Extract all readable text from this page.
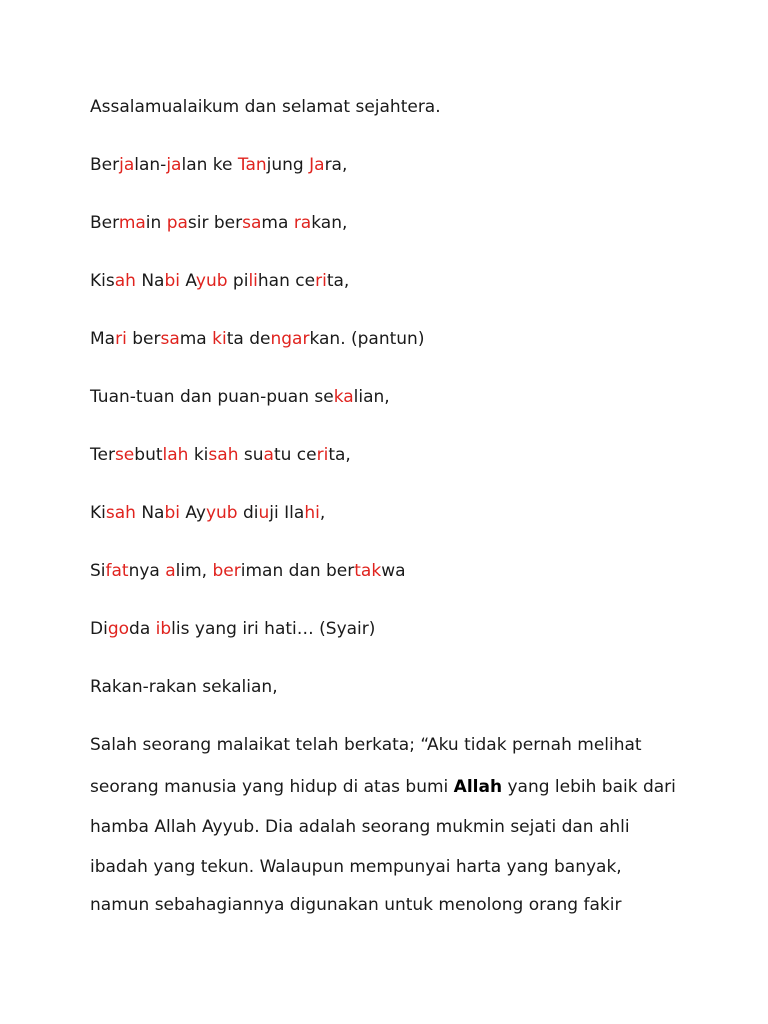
Assalamualaikum dan selamat sejahtera.
Berjalan-jalan ke Tanjung Jara,
Bermain pasir bersama rakan,
Kisah Nabi Ayub pilihan cerita,
Mari bersama kita dengarkan. (pantun)
Tuan-tuan dan puan-puan sekalian,
Tersebutlah kisah suatu cerita,
Kisah Nabi Ayyub diuji Ilahi,
Sifatnya alim, beriman dan bertakwa
Digoda iblis yang iri hati… (Syair)
Rakan-rakan sekalian,
Salah seorang malaikat telah berkata; “Aku tidak pernah melihat
seorang manusia yang hidup di atas bumi Allah yang lebih baik dari
hamba Allah Ayyub. Dia adalah seorang mukmin sejati dan ahli
ibadah yang tekun. Walaupun mempunyai harta yang banyak,
namun sebahagiannya digunakan untuk menolong orang fakir
